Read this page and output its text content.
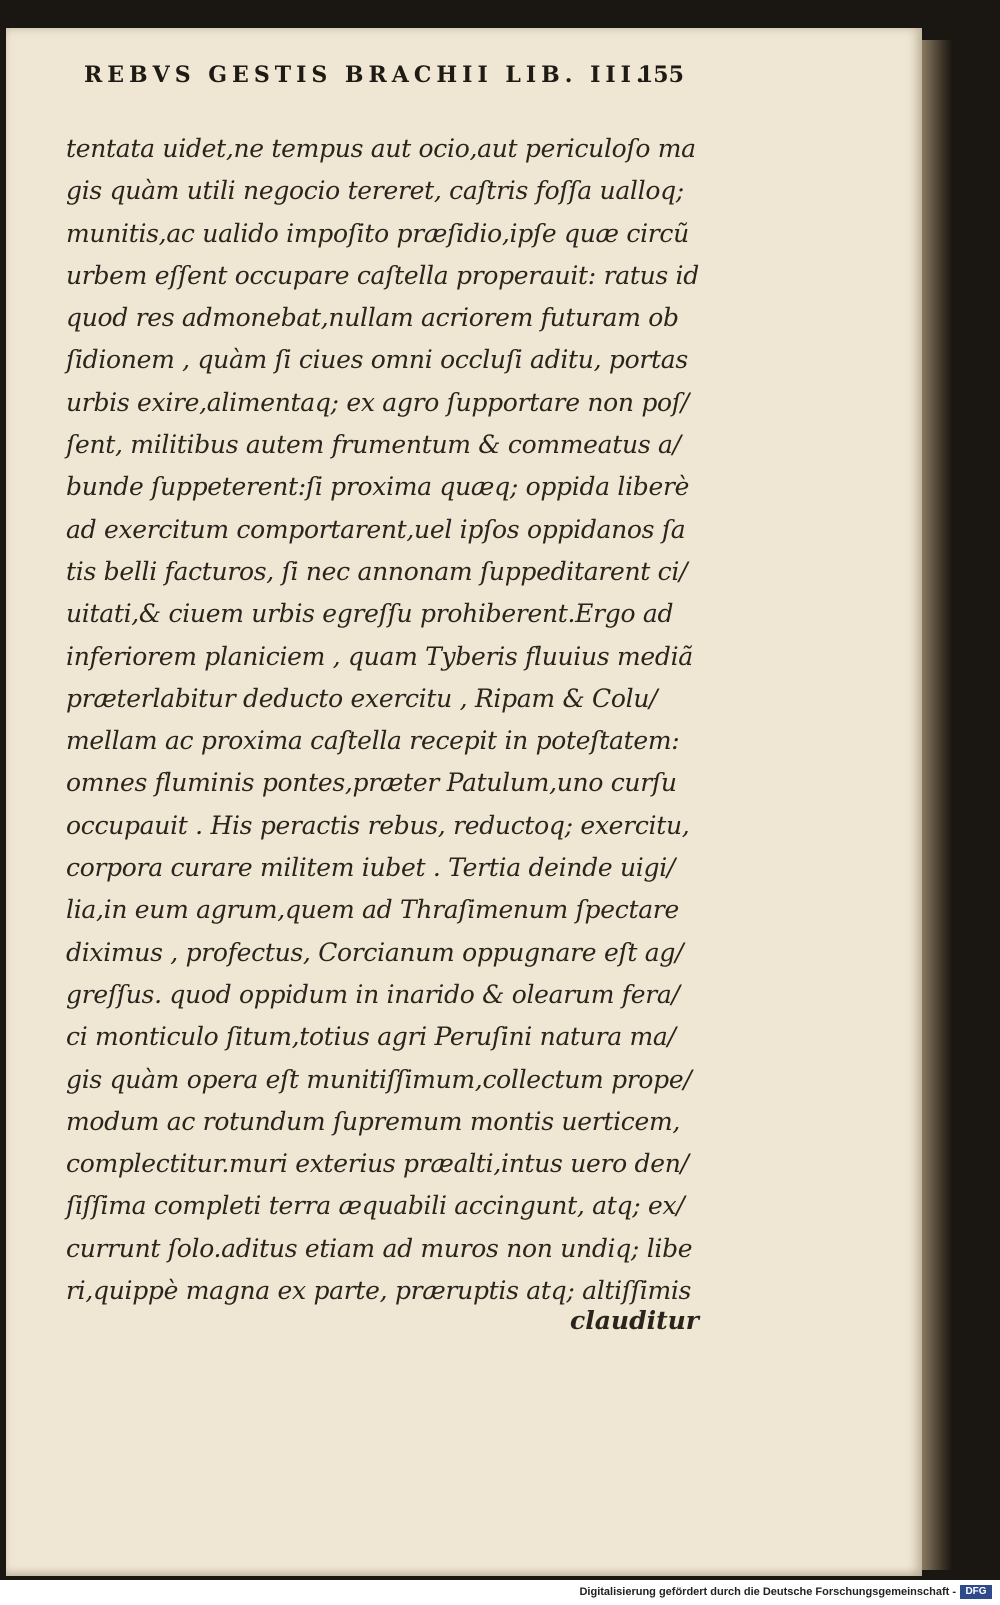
REBVS GESTIS BRACHII LIB. III.
155
tentata uidet,ne tempus aut ocio,aut periculoſo ma
gis quàm utili negocio tereret, caſtris foſſa ualloq;
munitis,ac ualido impoſito præſidio,ipſe quæ circũ
urbem eſſent occupare caſtella properauit: ratus id
quod res admonebat,nullam acriorem futuram ob
ſidionem , quàm ſi ciues omni occluſi aditu, portas
urbis exire,alimentaq; ex agro ſupportare non poſ/
ſent, militibus autem frumentum & commeatus a/
bunde ſuppeterent:ſi proxima quæq; oppida liberè
ad exercitum comportarent,uel ipſos oppidanos ſa
tis belli facturos, ſi nec annonam ſuppeditarent ci/
uitati,& ciuem urbis egreſſu prohiberent.Ergo ad
inferiorem planiciem , quam Tyberis fluuius mediã
præterlabitur deducto exercitu , Ripam & Colu/
mellam ac proxima caſtella recepit in poteſtatem:
omnes fluminis pontes,præter Patulum,uno curſu
occupauit . His peractis rebus, reductoq; exercitu,
corpora curare militem iubet . Tertia deinde uigi/
lia,in eum agrum,quem ad Thraſimenum ſpectare
diximus , profectus, Corcianum oppugnare eſt ag/
greſſus. quod oppidum in inarido & olearum fera/
ci monticulo ſitum,totius agri Peruſini natura ma/
gis quàm opera eſt munitiſſimum,collectum prope/
modum ac rotundum ſupremum montis uerticem,
complectitur.muri exterius præalti,intus uero den/
ſiſſima completi terra æquabili accingunt, atq; ex/
currunt ſolo.aditus etiam ad muros non undiq; libe
ri,quippè magna ex parte, præruptis atq; altiſſimis
clauditur
Digitalisierung gefördert durch die Deutsche Forschungsgemeinschaft - DFG
